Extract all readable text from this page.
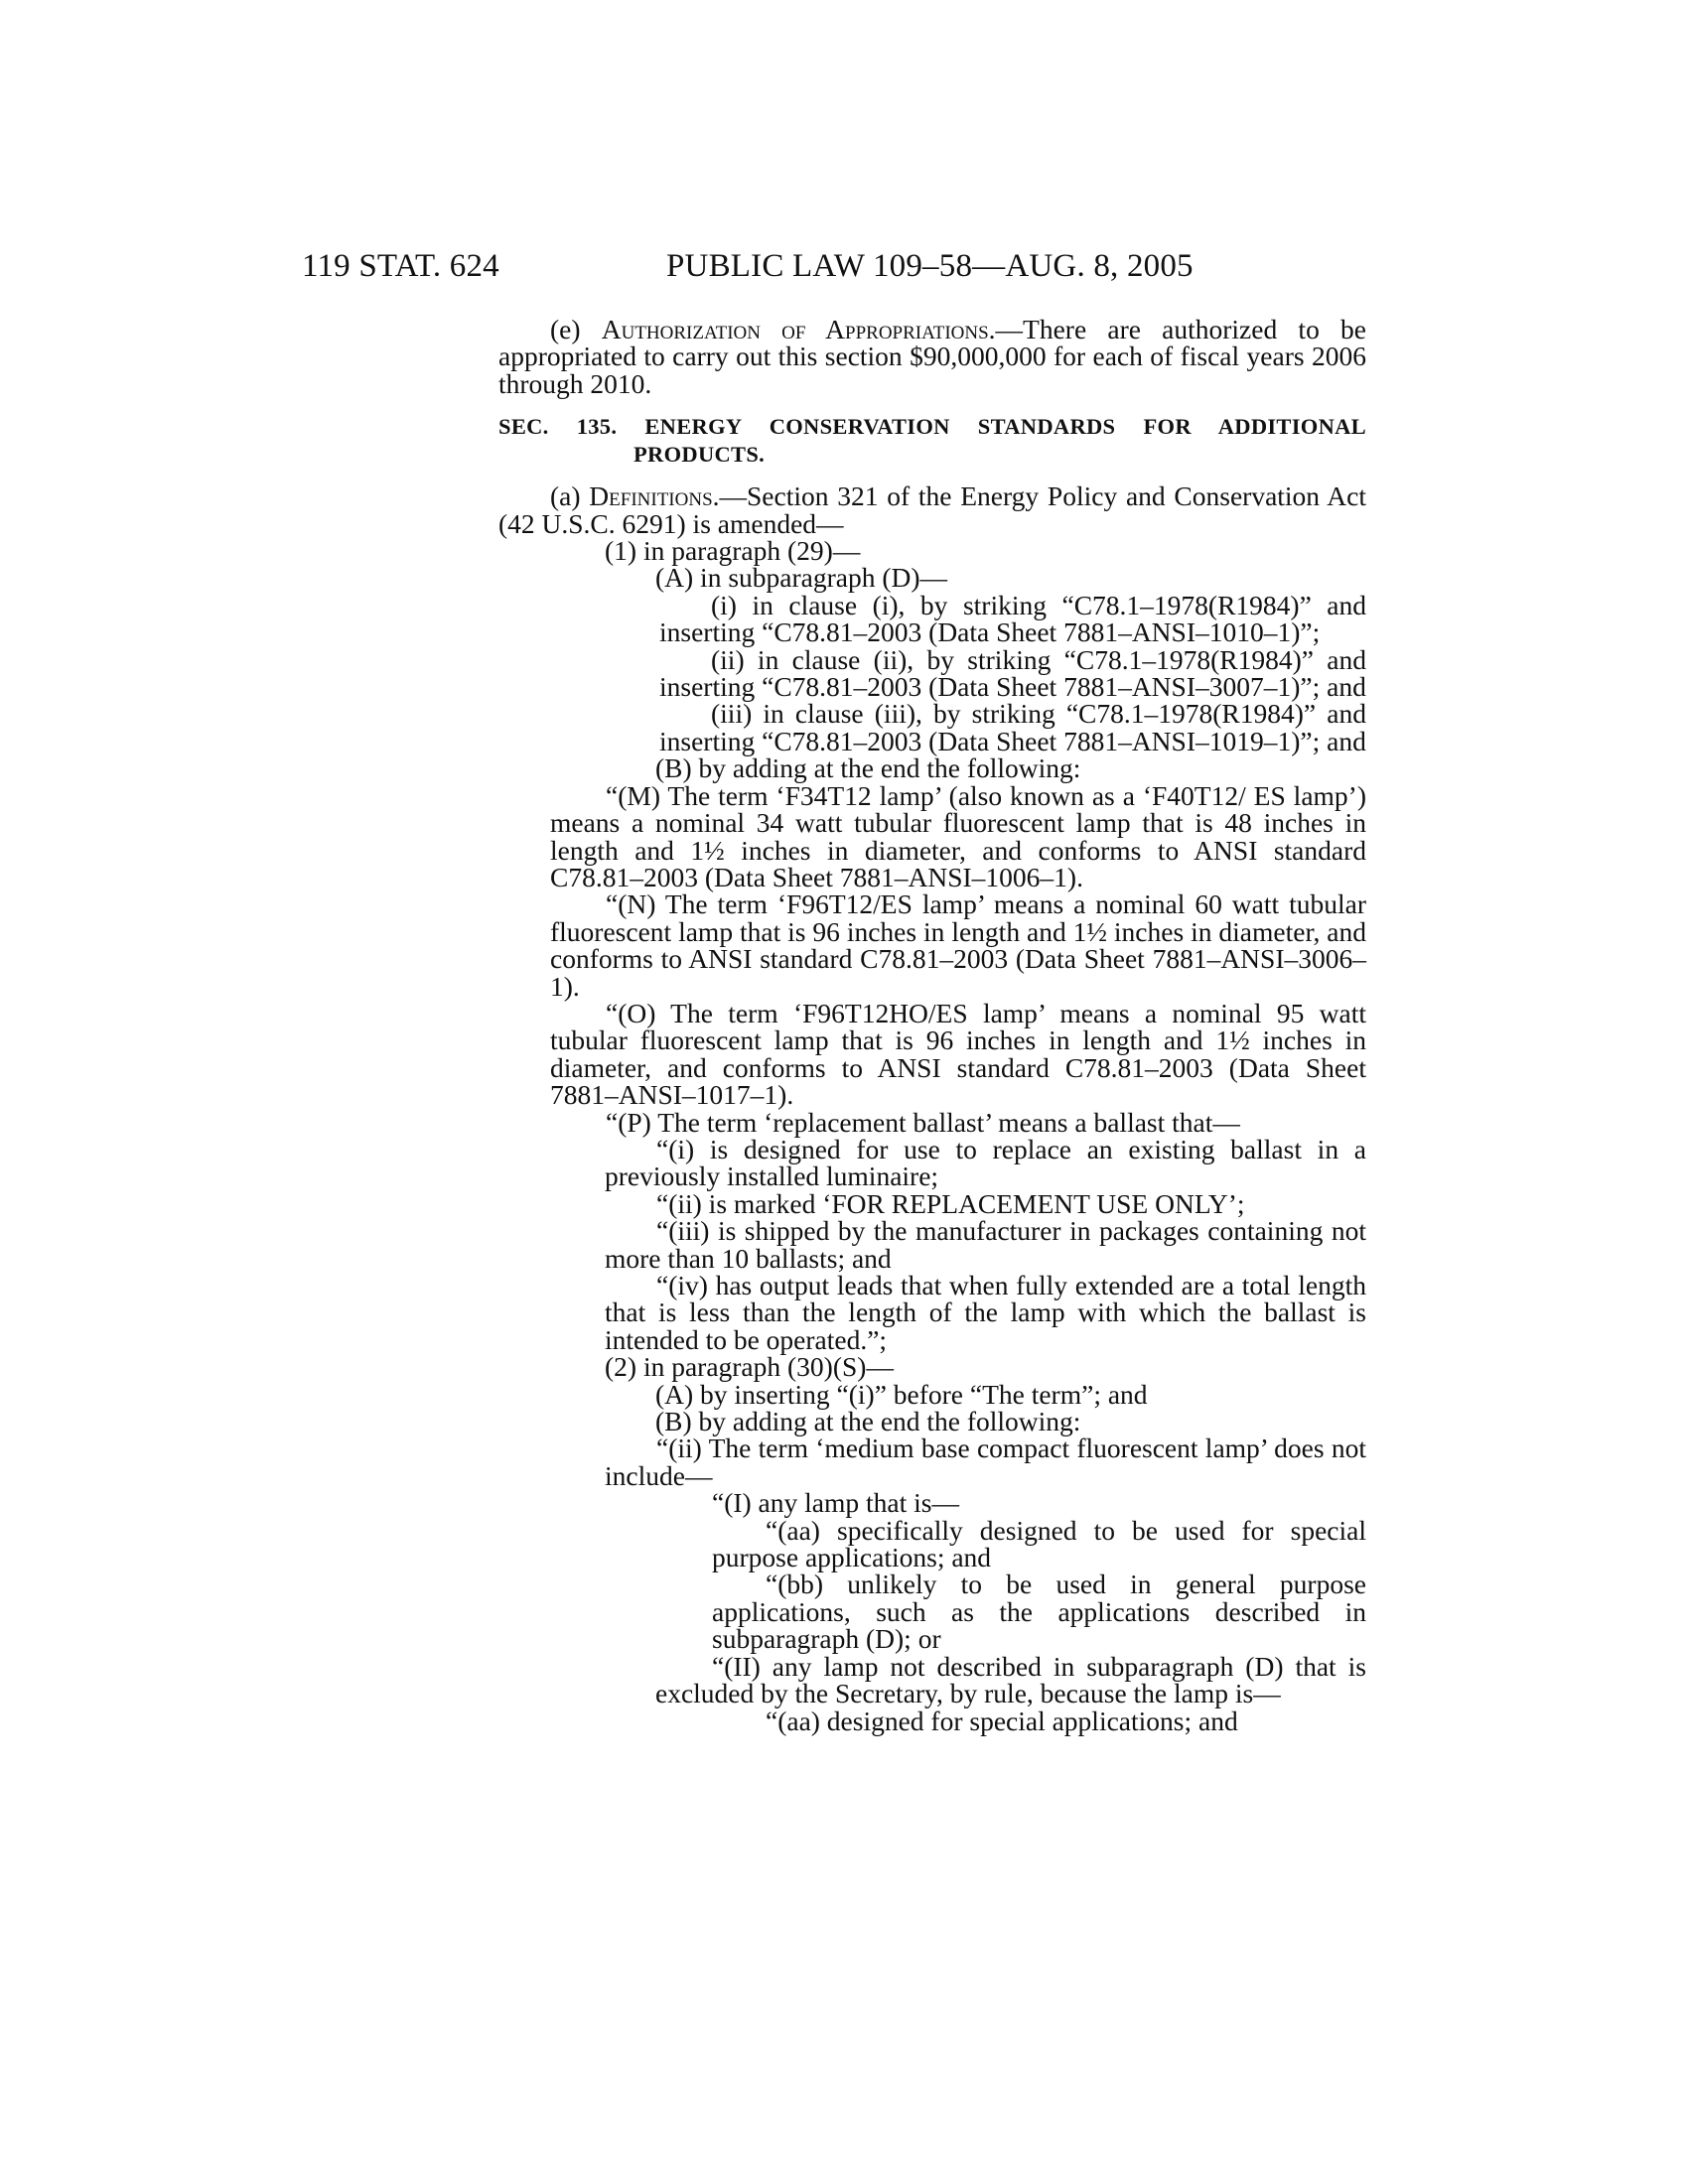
119 STAT. 624	PUBLIC LAW 109–58—AUG. 8, 2005

(e) Authorization of Appropriations.—There are authorized to be appropriated to carry out this section $90,000,000 for each of fiscal years 2006 through 2010.

SEC. 135. ENERGY CONSERVATION STANDARDS FOR ADDITIONAL PRODUCTS.

(a) Definitions.—Section 321 of the Energy Policy and Conservation Act (42 U.S.C. 6291) is amended—

(1) in paragraph (29)—

(A) in subparagraph (D)—

(i) in clause (i), by striking “C78.1–1978(R1984)” and inserting “C78.81–2003 (Data Sheet 7881–ANSI–1010–1)”;

(ii) in clause (ii), by striking “C78.1–1978(R1984)” and inserting “C78.81–2003 (Data Sheet 7881–ANSI–3007–1)”; and

(iii) in clause (iii), by striking “C78.1–1978(R1984)” and inserting “C78.81–2003 (Data Sheet 7881–ANSI–1019–1)”; and

(B) by adding at the end the following:

“(M) The term ‘F34T12 lamp’ (also known as a ‘F40T12/ ES lamp’) means a nominal 34 watt tubular fluorescent lamp that is 48 inches in length and 1½ inches in diameter, and conforms to ANSI standard C78.81–2003 (Data Sheet 7881–ANSI–1006–1).

“(N) The term ‘F96T12/ES lamp’ means a nominal 60 watt tubular fluorescent lamp that is 96 inches in length and 1½ inches in diameter, and conforms to ANSI standard C78.81–2003 (Data Sheet 7881–ANSI–3006–1).

“(O) The term ‘F96T12HO/ES lamp’ means a nominal 95 watt tubular fluorescent lamp that is 96 inches in length and 1½ inches in diameter, and conforms to ANSI standard C78.81–2003 (Data Sheet 7881–ANSI–1017–1).

“(P) The term ‘replacement ballast’ means a ballast that—

“(i) is designed for use to replace an existing ballast in a previously installed luminaire;

“(ii) is marked ‘FOR REPLACEMENT USE ONLY’;

“(iii) is shipped by the manufacturer in packages containing not more than 10 ballasts; and

“(iv) has output leads that when fully extended are a total length that is less than the length of the lamp with which the ballast is intended to be operated.”;

(2) in paragraph (30)(S)—

(A) by inserting “(i)” before “The term”; and

(B) by adding at the end the following:

“(ii) The term ‘medium base compact fluorescent lamp’ does not include—

“(I) any lamp that is—

“(aa) specifically designed to be used for special purpose applications; and

“(bb) unlikely to be used in general purpose applications, such as the applications described in subparagraph (D); or

“(II) any lamp not described in subparagraph (D) that is excluded by the Secretary, by rule, because the lamp is—

“(aa) designed for special applications; and
